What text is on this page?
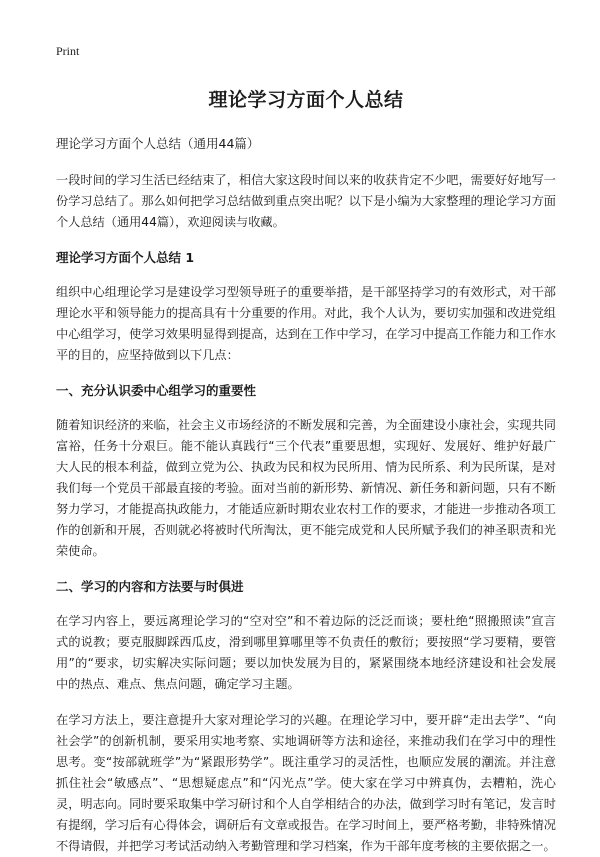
Print
理论学习方面个人总结
理论学习方面个人总结（通用44篇）

一段时间的学习生活已经结束了，相信大家这段时间以来的收获肯定不少吧，需要好好地写一份学习总结了。那么如何把学习总结做到重点突出呢？以下是小编为大家整理的理论学习方面个人总结（通用44篇），欢迎阅读与收藏。

理论学习方面个人总结 1

组织中心组理论学习是建设学习型领导班子的重要举措，是干部坚持学习的有效形式，对干部理论水平和领导能力的提高具有十分重要的作用。对此，我个人认为，要切实加强和改进党组中心组学习，使学习效果明显得到提高，达到在工作中学习，在学习中提高工作能力和工作水平的目的，应坚持做到以下几点：

一、充分认识委中心组学习的重要性

随着知识经济的来临，社会主义市场经济的不断发展和完善，为全面建设小康社会，实现共同富裕，任务十分艰巨。能不能认真践行“三个代表”重要思想，实现好、发展好、维护好最广大人民的根本利益，做到立党为公、执政为民和权为民所用、情为民所系、利为民所谋，是对我们每一个党员干部最直接的考验。面对当前的新形势、新情况、新任务和新问题，只有不断努力学习，才能提高执政能力，才能适应新时期农业农村工作的要求，才能进一步推动各项工作的创新和开展，否则就必将被时代所淘汰，更不能完成党和人民所赋予我们的神圣职责和光荣使命。

二、学习的内容和方法要与时俱进

在学习内容上，要远离理论学习的“空对空”和不着边际的泛泛而谈；要杜绝“照搬照读”宣言式的说教；要克服脚踩西瓜皮，滑到哪里算哪里等不负责任的敷衍；要按照“学习要精，要管用”的“要求，切实解决实际问题；要以加快发展为目的，紧紧围绕本地经济建设和社会发展中的热点、难点、焦点问题，确定学习主题。

在学习方法上，要注意提升大家对理论学习的兴趣。在理论学习中，要开辟“走出去学”、“向社会学”的创新机制，要采用实地考察、实地调研等方法和途径，来推动我们在学习中的理性思考。变“按部就班学”为“紧跟形势学”。既注重学习的灵活性，也顺应发展的潮流。并注意抓住社会“敏感点”、“思想疑虑点”和“闪光点”学。使大家在学习中辨真伪，去糟粕，洗心灵，明志向。同时要采取集中学习研讨和个人自学相结合的办法，做到学习时有笔记，发言时有提纲，学习后有心得体会，调研后有文章或报告。在学习时间上，要严格考勤，非特殊情况不得请假，并把学习考试活动纳入考勤管理和学习档案，作为干部年度考核的主要依据之一。
